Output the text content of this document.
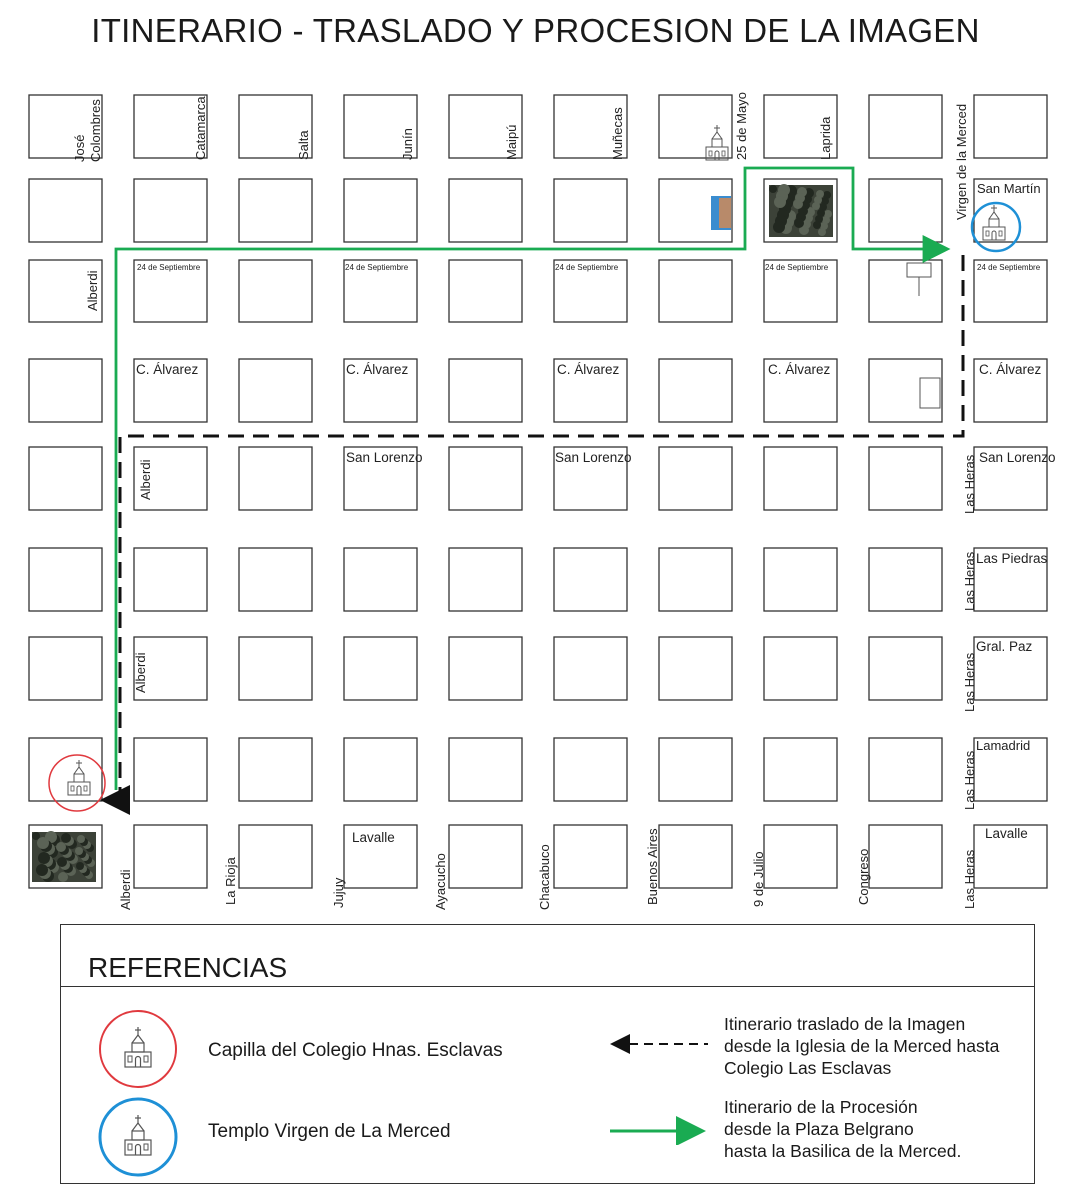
José Colombres	Catamarca	Salta	Junín	Maipú	Muñecas	25 de Mayo	Laprida	Virgen de la Merced
Alberdi	La Rioja	Jujuy	Ayacucho	Chacabuco	Buenos Aires	9 de Julio	Congreso	Las Heras
Alberdi
Alberdi
Alberdi
Las Heras
Las Heras
Las Heras
Las Heras
San Martín
24 de Septiembre	24 de Septiembre	24 de Septiembre	24 de Septiembre	24 de Septiembre
C. Álvarez	C. Álvarez	C. Álvarez	C. Álvarez	C. Álvarez
San Lorenzo	San Lorenzo	San Lorenzo
Las Piedras
Gral. Paz
Lamadrid
Lavalle	Lavalle
ITINERARIO - TRASLADO Y PROCESION DE LA IMAGEN
REFERENCIAS
Capilla del Colegio Hnas. Esclavas
Templo Virgen de La Merced
Itinerario traslado de la Imagen
desde la Iglesia de la Merced hasta
Colegio Las Esclavas
Itinerario de la Procesión
desde la Plaza Belgrano
hasta la Basilica de la Merced.
